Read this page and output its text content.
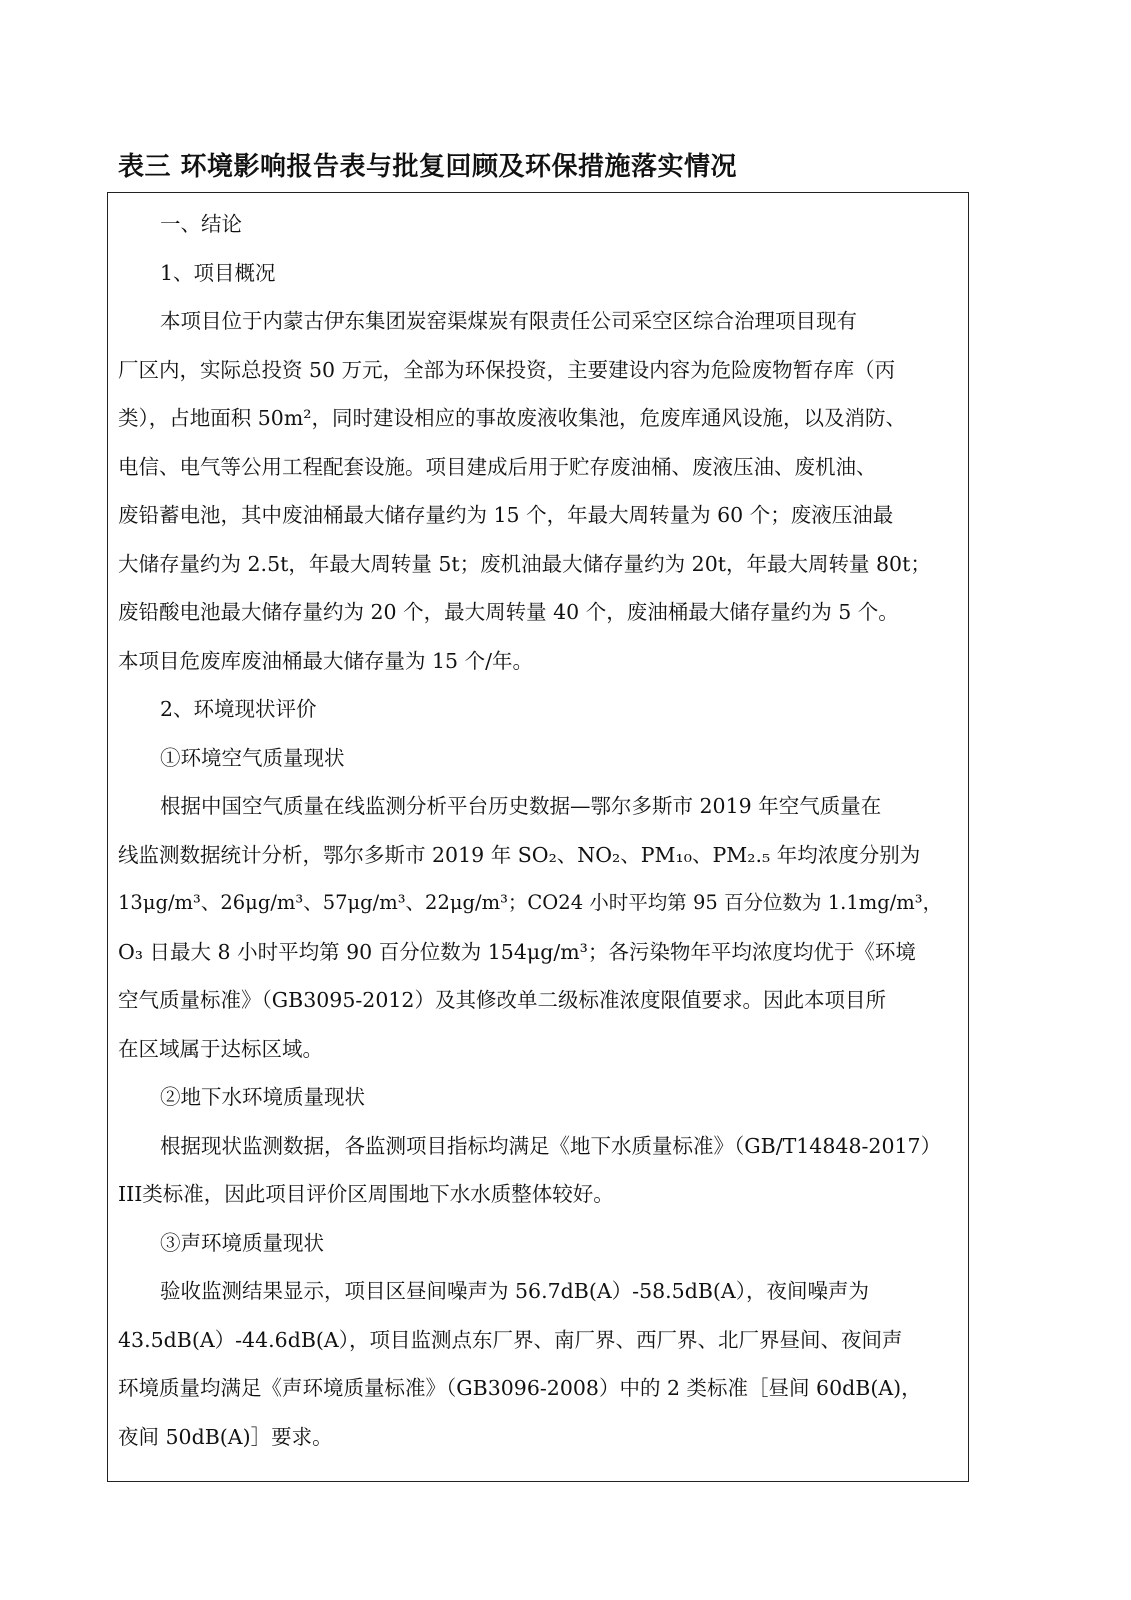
表三 环境影响报告表与批复回顾及环保措施落实情况
一、结论
1、项目概况

本项目位于内蒙古伊东集团炭窑渠煤炭有限责任公司采空区综合治理项目现有

厂区内，实际总投资 50 万元，全部为环保投资，主要建设内容为危险废物暂存库（丙

类），占地面积 50m²，同时建设相应的事故废液收集池，危废库通风设施，以及消防、

电信、电气等公用工程配套设施。项目建成后用于贮存废油桶、废液压油、废机油、

废铅蓄电池，其中废油桶最大储存量约为 15 个，年最大周转量为 60 个；废液压油最

大储存量约为 2.5t，年最大周转量 5t；废机油最大储存量约为 20t，年最大周转量 80t；

废铅酸电池最大储存量约为 20 个，最大周转量 40 个，废油桶最大储存量约为 5 个。

本项目危废库废油桶最大储存量为 15 个/年。

2、环境现状评价
①环境空气质量现状

根据中国空气质量在线监测分析平台历史数据—鄂尔多斯市 2019 年空气质量在

线监测数据统计分析，鄂尔多斯市 2019 年 SO₂、NO₂、PM₁₀、PM₂.₅ 年均浓度分别为

13μg/m³、26μg/m³、57μg/m³、22μg/m³；CO24 小时平均第 95 百分位数为 1.1mg/m³，

O₃ 日最大 8 小时平均第 90 百分位数为 154μg/m³；各污染物年平均浓度均优于《环境

空气质量标准》（GB3095-2012）及其修改单二级标准浓度限值要求。因此本项目所

在区域属于达标区域。

②地下水环境质量现状

根据现状监测数据，各监测项目指标均满足《地下水质量标准》（GB/T14848-2017）

III类标准，因此项目评价区周围地下水水质整体较好。

③声环境质量现状

验收监测结果显示，项目区昼间噪声为 56.7dB(A）-58.5dB(A），夜间噪声为

43.5dB(A）-44.6dB(A），项目监测点东厂界、南厂界、西厂界、北厂界昼间、夜间声

环境质量均满足《声环境质量标准》（GB3096-2008）中的 2 类标准［昼间 60dB(A)，

夜间 50dB(A)］要求。
